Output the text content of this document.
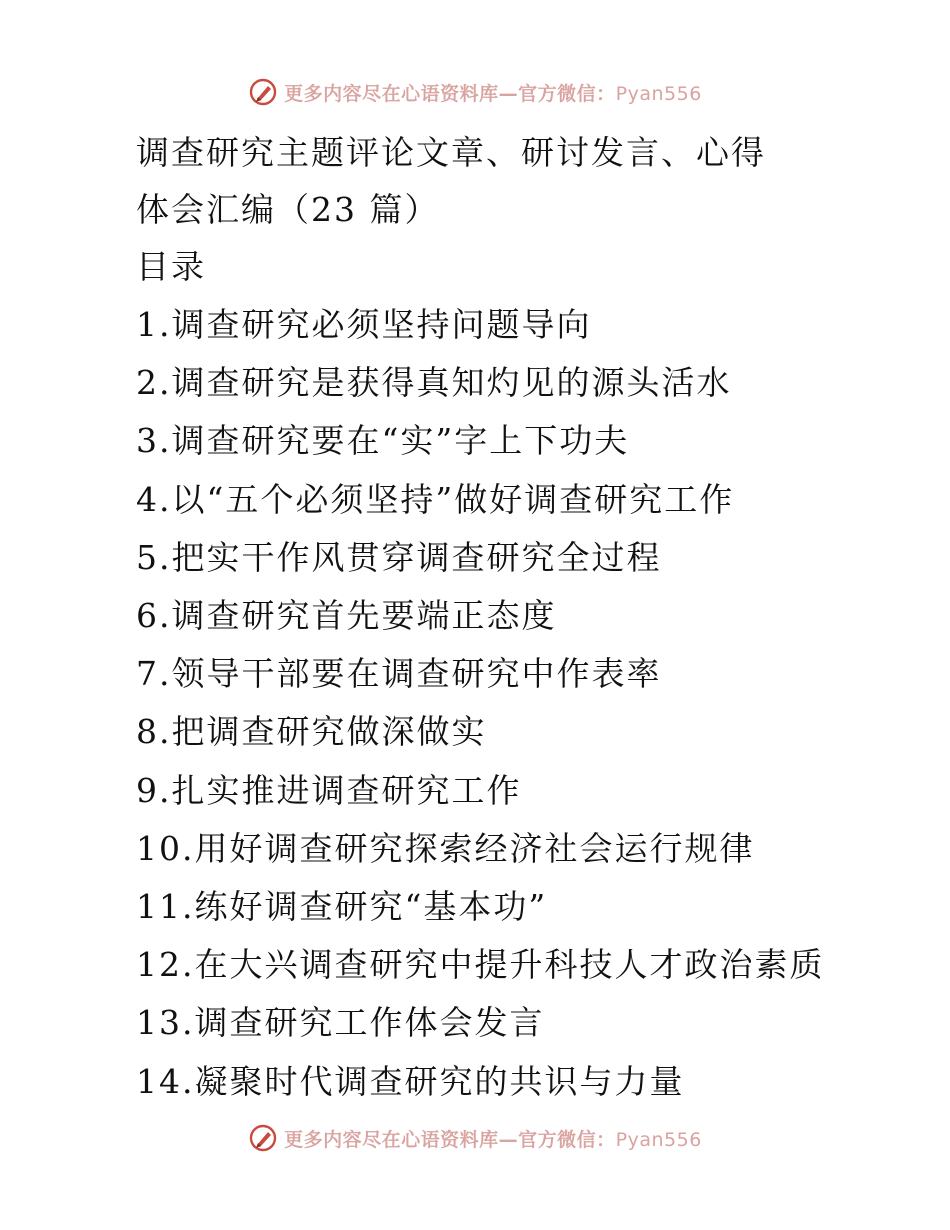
更多内容尽在心语资料库—官方微信：Pyan556
调查研究主题评论文章、研讨发言、心得
体会汇编（23 篇）
目录
1.调查研究必须坚持问题导向
2.调查研究是获得真知灼见的源头活水
3.调查研究要在“实”字上下功夫
4.以“五个必须坚持”做好调查研究工作
5.把实干作风贯穿调查研究全过程
6.调查研究首先要端正态度
7.领导干部要在调查研究中作表率
8.把调查研究做深做实
9.扎实推进调查研究工作
10.用好调查研究探索经济社会运行规律
11.练好调查研究“基本功”
12.在大兴调查研究中提升科技人才政治素质
13.调查研究工作体会发言
14.凝聚时代调查研究的共识与力量
更多内容尽在心语资料库—官方微信：Pyan556
